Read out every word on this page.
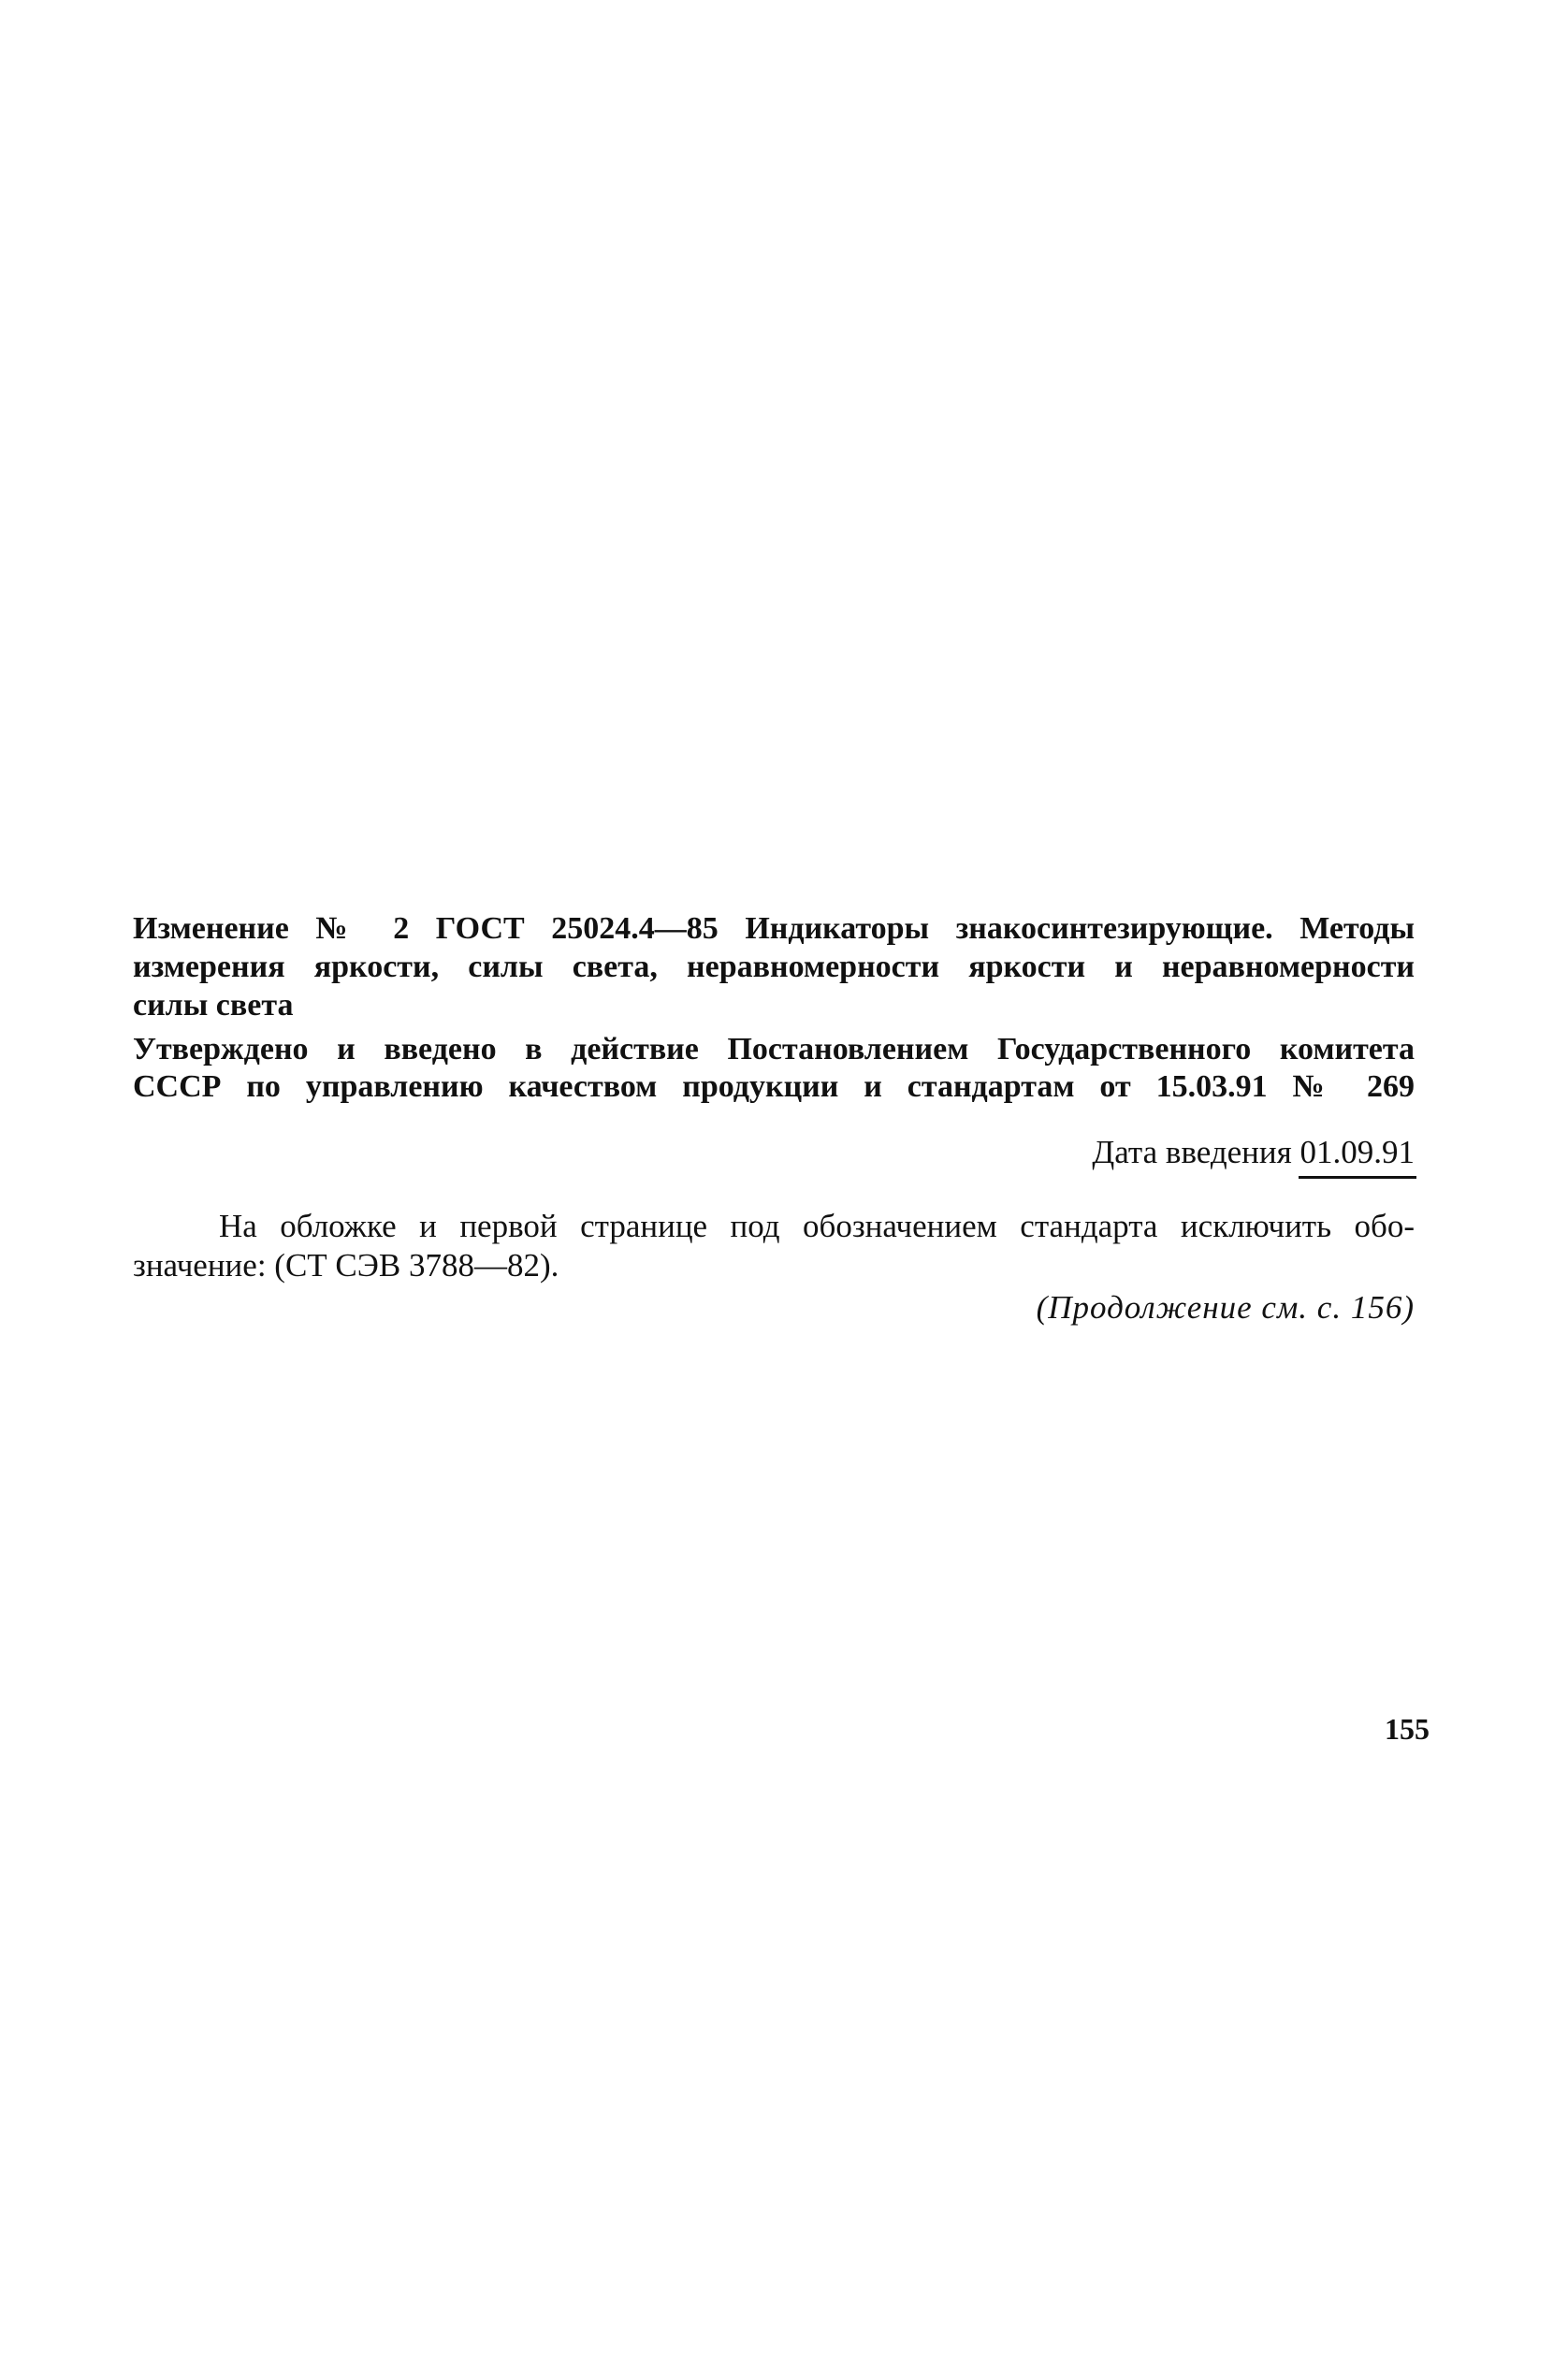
Изменение № 2 ГОСТ 25024.4—85 Индикаторы знакосинтезирующие. Методы
измерения яркости, силы света, неравномерности яркости и неравномерности
силы света
Утверждено и введено в действие Постановлением Государственного комитета
СССР по управлению качеством продукции и стандартам от 15.03.91 № 269
Дата введения 01.09.91
На обложке и первой странице под обозначением стандарта исключить обо-
значение: (СТ СЭВ 3788—82).
(Продолжение см. с. 156)
155
